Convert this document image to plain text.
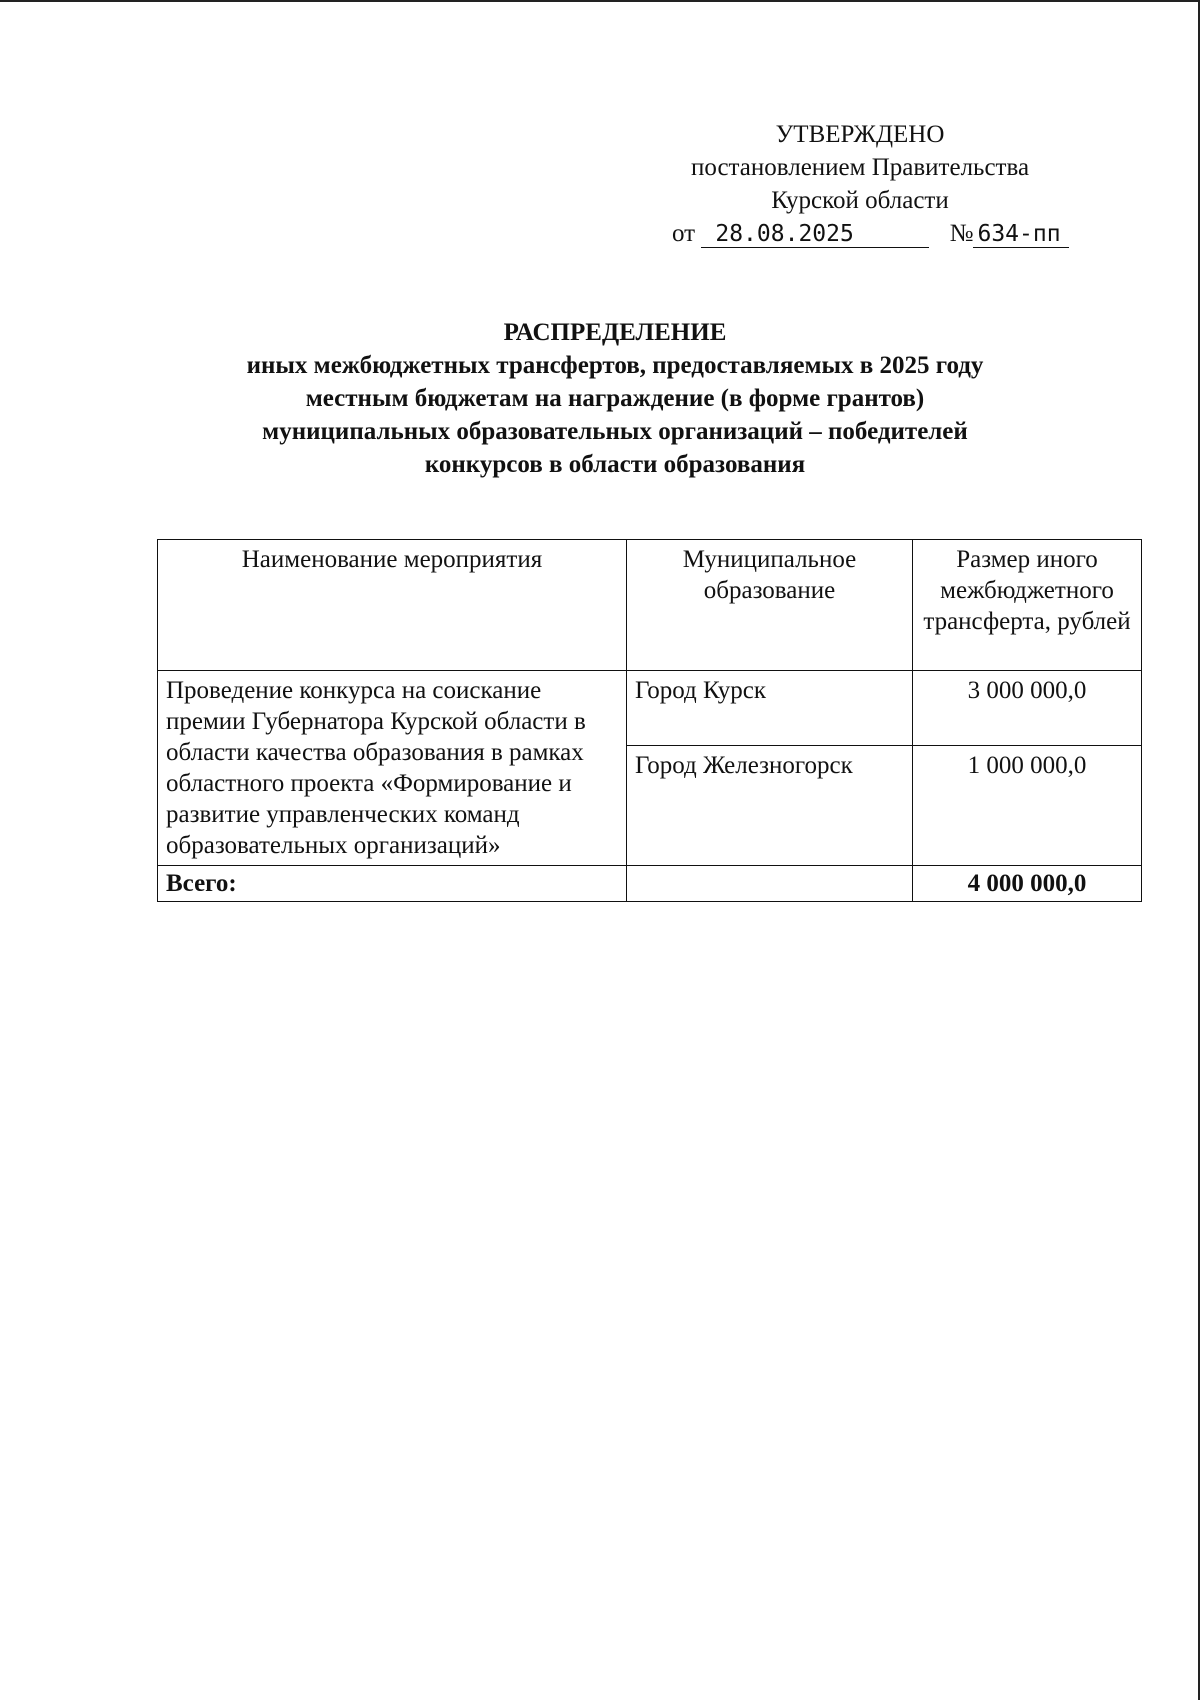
УТВЕРЖДЕНО
постановлением Правительства
Курской области
от 28.08.2025	№ 634-пп
РАСПРЕДЕЛЕНИЕ
иных межбюджетных трансфертов, предоставляемых в 2025 году
местным бюджетам на награждение (в форме грантов)
муниципальных образовательных организаций – победителей
конкурсов в области образования
Наименование мероприятия	Муниципальное образование	Размер иного межбюджетного трансферта, рублей
Проведение конкурса на соискание премии Губернатора Курской области в области качества образования в рамках областного проекта «Формирование и развитие управленческих команд образовательных организаций»	Город Курск	3 000 000,0
	Город Железногорск	1 000 000,0
Всего:		4 000 000,0
